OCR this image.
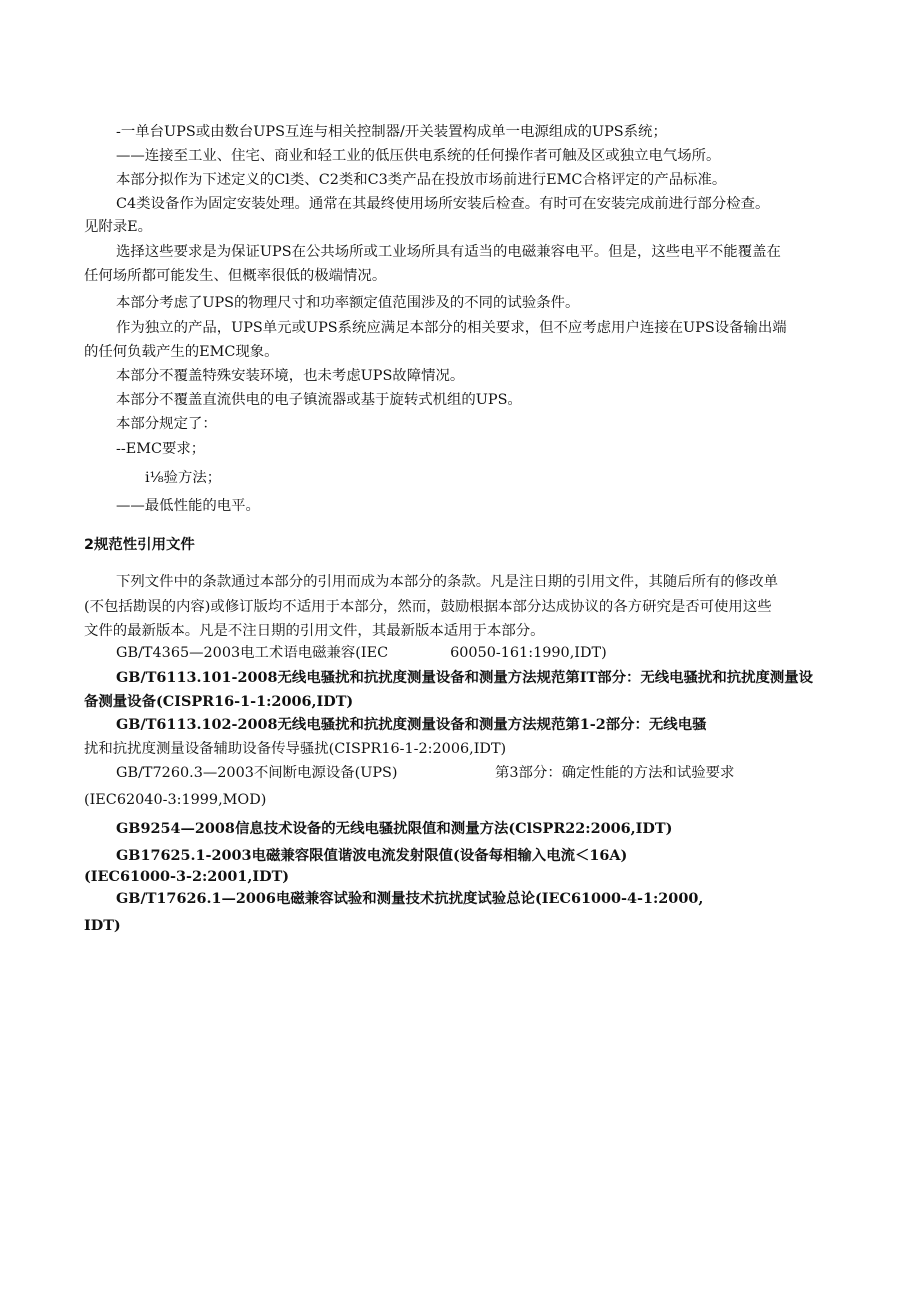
-一单台UPS或由数台UPS互连与相关控制器/开关装置构成单一电源组成的UPS系统；
——连接至工业、住宅、商业和轻工业的低压供电系统的任何操作者可触及区或独立电气场所。
本部分拟作为下述定义的Cl类、C2类和C3类产品在投放市场前进行EMC合格评定的产品标准。
C4类设备作为固定安装处理。通常在其最终使用场所安装后检查。有时可在安装完成前进行部分检查。
见附录E。
选择这些要求是为保证UPS在公共场所或工业场所具有适当的电磁兼容电平。但是，这些电平不能覆盖在
任何场所都可能发生、但概率很低的极端情况。
本部分考虑了UPS的物理尺寸和功率额定值范围涉及的不同的试验条件。
作为独立的产品，UPS单元或UPS系统应满足本部分的相关要求，但不应考虑用户连接在UPS设备输出端
的任何负载产生的EMC现象。
本部分不覆盖特殊安装环境，也未考虑UPS故障情况。
本部分不覆盖直流供电的电子镇流器或基于旋转式机组的UPS。
本部分规定了：
--EMC要求；
i⅛验方法；
——最低性能的电平。
2规范性引用文件
下列文件中的条款通过本部分的引用而成为本部分的条款。凡是注日期的引用文件，其随后所有的修改单
(不包括勘误的内容)或修订版均不适用于本部分，然而，鼓励根据本部分达成协议的各方研究是否可使用这些
文件的最新版本。凡是不注日期的引用文件，其最新版本适用于本部分。
GB/T4365—2003电工术语电磁兼容(IEC	60050-161:1990,IDT)
GB/T6113.101-2008无线电骚扰和抗扰度测量设备和测量方法规范第IT部分：无线电骚扰和抗扰度测量设
备测量设备(CISPR16-1-1:2006,IDT)
GB/T6113.102-2008无线电骚扰和抗扰度测量设备和测量方法规范第1-2部分：无线电骚
扰和抗扰度测量设备辅助设备传导骚扰(CISPR16-1-2:2006,IDT)
GB/T7260.3—2003不间断电源设备(UPS)	第3部分：确定性能的方法和试验要求
(IEC62040-3:1999,MOD)
GB9254—2008信息技术设备的无线电骚扰限值和测量方法(ClSPR22:2006,IDT)
GB17625.1-2003电磁兼容限值谐波电流发射限值(设备每相输入电流＜16A)
(IEC61000-3-2:2001,IDT)
GB/T17626.1—2006电磁兼容试验和测量技术抗扰度试验总论(IEC61000-4-1:2000,
IDT)
